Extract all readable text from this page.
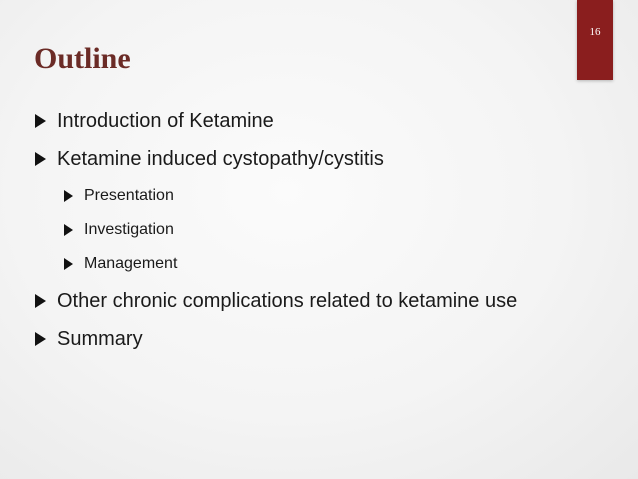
16
Outline
Introduction of Ketamine
Ketamine induced cystopathy/cystitis
Presentation
Investigation
Management
Other chronic complications related to ketamine use
Summary
